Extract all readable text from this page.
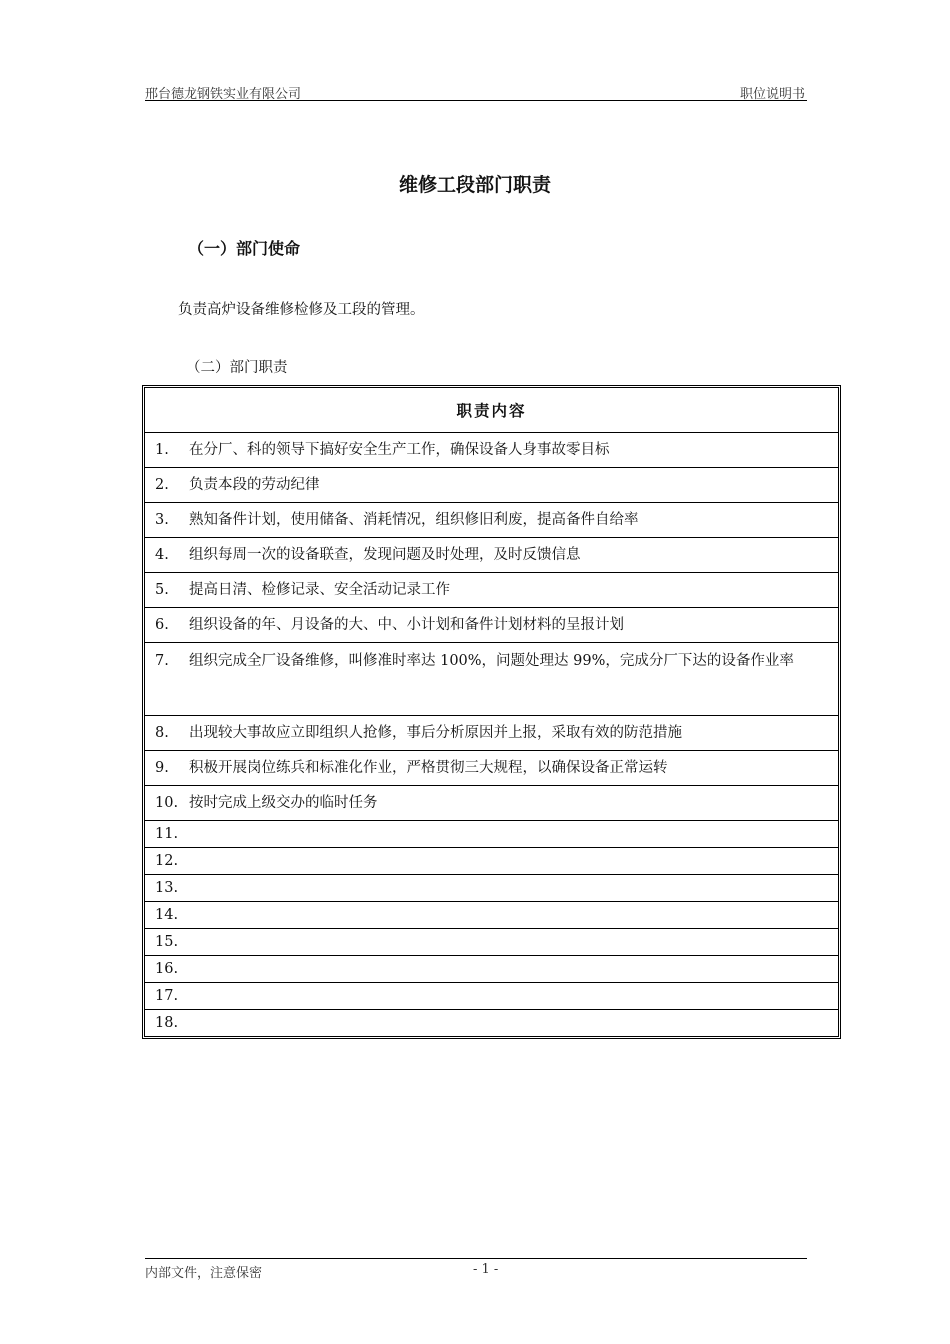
邢台德龙钢铁实业有限公司	职位说明书
维修工段部门职责
（一）部门使命
负责高炉设备维修检修及工段的管理。
（二）部门职责
职责内容

1. 在分厂、科的领导下搞好安全生产工作，确保设备人身事故零目标

2. 负责本段的劳动纪律

3. 熟知备件计划，使用储备、消耗情况，组织修旧利废，提高备件自给率

4. 组织每周一次的设备联查，发现问题及时处理，及时反馈信息

5. 提高日清、检修记录、安全活动记录工作

6. 组织设备的年、月设备的大、中、小计划和备件计划材料的呈报计划

7.	组织完成全厂设备维修，叫修准时率达 100%，问题处理达 99%，完成分厂下达的设备作业率

8. 出现较大事故应立即组织人抢修，事后分析原因并上报，采取有效的防范措施

9. 积极开展岗位练兵和标准化作业，严格贯彻三大规程，以确保设备正常运转

10. 按时完成上级交办的临时任务

11.

12.

13.

14.

15.

16.

17.

18.
内部文件，注意保密	- 1 -
